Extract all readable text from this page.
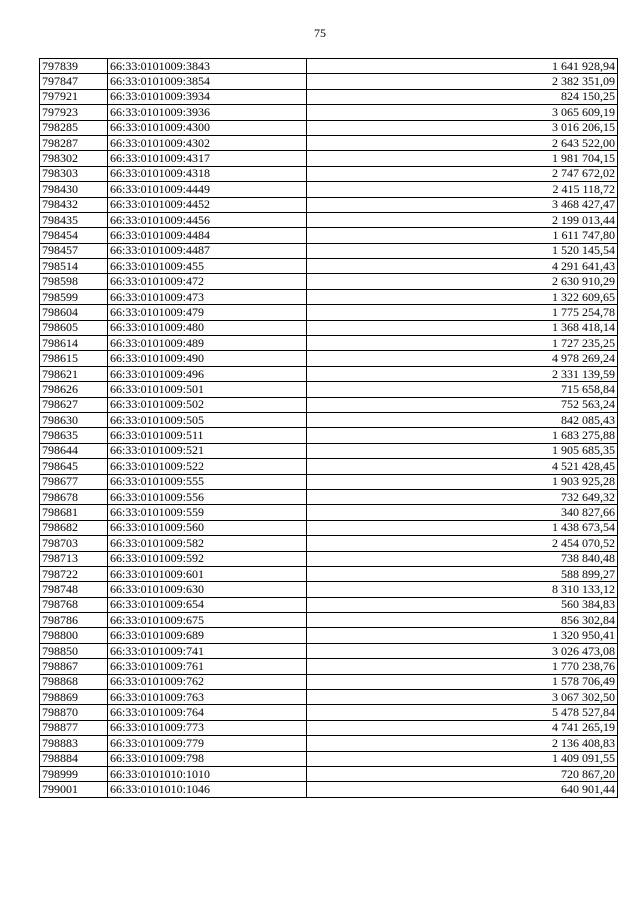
75
797839	66:33:0101009:3843	1 641 928,94
797847	66:33:0101009:3854	2 382 351,09
797921	66:33:0101009:3934	824 150,25
797923	66:33:0101009:3936	3 065 609,19
798285	66:33:0101009:4300	3 016 206,15
798287	66:33:0101009:4302	2 643 522,00
798302	66:33:0101009:4317	1 981 704,15
798303	66:33:0101009:4318	2 747 672,02
798430	66:33:0101009:4449	2 415 118,72
798432	66:33:0101009:4452	3 468 427,47
798435	66:33:0101009:4456	2 199 013,44
798454	66:33:0101009:4484	1 611 747,80
798457	66:33:0101009:4487	1 520 145,54
798514	66:33:0101009:455	4 291 641,43
798598	66:33:0101009:472	2 630 910,29
798599	66:33:0101009:473	1 322 609,65
798604	66:33:0101009:479	1 775 254,78
798605	66:33:0101009:480	1 368 418,14
798614	66:33:0101009:489	1 727 235,25
798615	66:33:0101009:490	4 978 269,24
798621	66:33:0101009:496	2 331 139,59
798626	66:33:0101009:501	715 658,84
798627	66:33:0101009:502	752 563,24
798630	66:33:0101009:505	842 085,43
798635	66:33:0101009:511	1 683 275,88
798644	66:33:0101009:521	1 905 685,35
798645	66:33:0101009:522	4 521 428,45
798677	66:33:0101009:555	1 903 925,28
798678	66:33:0101009:556	732 649,32
798681	66:33:0101009:559	340 827,66
798682	66:33:0101009:560	1 438 673,54
798703	66:33:0101009:582	2 454 070,52
798713	66:33:0101009:592	738 840,48
798722	66:33:0101009:601	588 899,27
798748	66:33:0101009:630	8 310 133,12
798768	66:33:0101009:654	560 384,83
798786	66:33:0101009:675	856 302,84
798800	66:33:0101009:689	1 320 950,41
798850	66:33:0101009:741	3 026 473,08
798867	66:33:0101009:761	1 770 238,76
798868	66:33:0101009:762	1 578 706,49
798869	66:33:0101009:763	3 067 302,50
798870	66:33:0101009:764	5 478 527,84
798877	66:33:0101009:773	4 741 265,19
798883	66:33:0101009:779	2 136 408,83
798884	66:33:0101009:798	1 409 091,55
798999	66:33:0101010:1010	720 867,20
799001	66:33:0101010:1046	640 901,44
